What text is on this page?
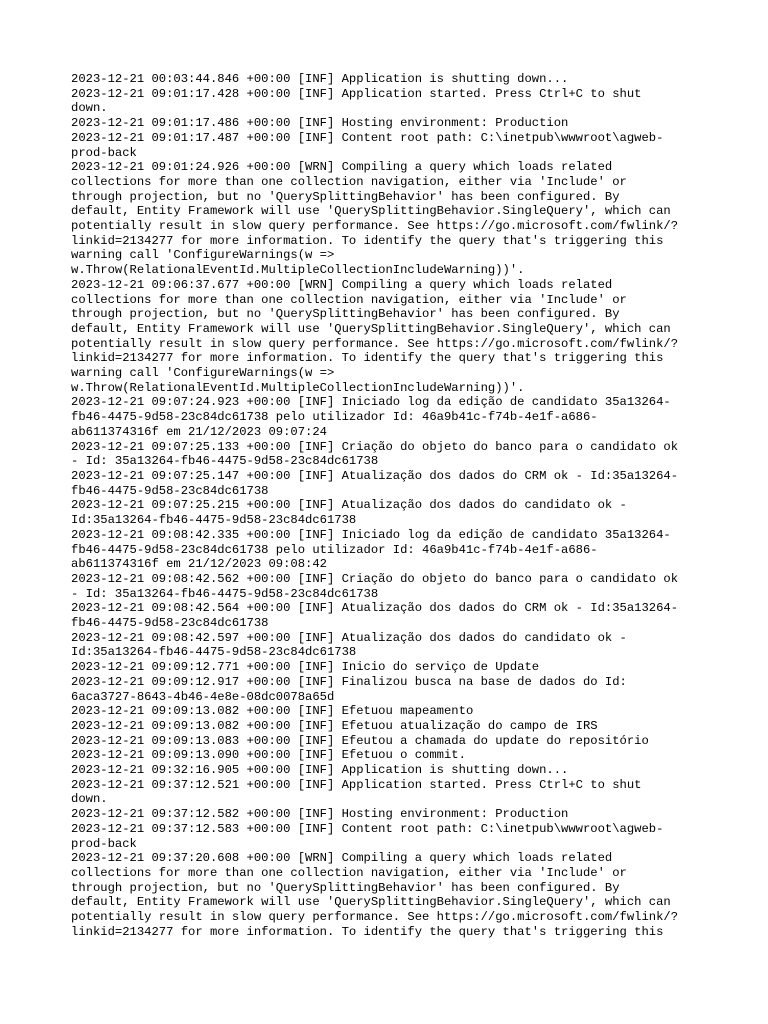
2023-12-21 00:03:44.846 +00:00 [INF] Application is shutting down...
2023-12-21 09:01:17.428 +00:00 [INF] Application started. Press Ctrl+C to shut
down.
2023-12-21 09:01:17.486 +00:00 [INF] Hosting environment: Production
2023-12-21 09:01:17.487 +00:00 [INF] Content root path: C:\inetpub\wwwroot\agweb-
prod-back
2023-12-21 09:01:24.926 +00:00 [WRN] Compiling a query which loads related
collections for more than one collection navigation, either via 'Include' or
through projection, but no 'QuerySplittingBehavior' has been configured. By
default, Entity Framework will use 'QuerySplittingBehavior.SingleQuery', which can
potentially result in slow query performance. See https://go.microsoft.com/fwlink/?
linkid=2134277 for more information. To identify the query that's triggering this
warning call 'ConfigureWarnings(w =>
w.Throw(RelationalEventId.MultipleCollectionIncludeWarning))'.
2023-12-21 09:06:37.677 +00:00 [WRN] Compiling a query which loads related
collections for more than one collection navigation, either via 'Include' or
through projection, but no 'QuerySplittingBehavior' has been configured. By
default, Entity Framework will use 'QuerySplittingBehavior.SingleQuery', which can
potentially result in slow query performance. See https://go.microsoft.com/fwlink/?
linkid=2134277 for more information. To identify the query that's triggering this
warning call 'ConfigureWarnings(w =>
w.Throw(RelationalEventId.MultipleCollectionIncludeWarning))'.
2023-12-21 09:07:24.923 +00:00 [INF] Iniciado log da edição de candidato 35a13264-
fb46-4475-9d58-23c84dc61738 pelo utilizador Id: 46a9b41c-f74b-4e1f-a686-
ab611374316f em 21/12/2023 09:07:24
2023-12-21 09:07:25.133 +00:00 [INF] Criação do objeto do banco para o candidato ok
- Id: 35a13264-fb46-4475-9d58-23c84dc61738
2023-12-21 09:07:25.147 +00:00 [INF] Atualização dos dados do CRM ok - Id:35a13264-
fb46-4475-9d58-23c84dc61738
2023-12-21 09:07:25.215 +00:00 [INF] Atualização dos dados do candidato ok -
Id:35a13264-fb46-4475-9d58-23c84dc61738
2023-12-21 09:08:42.335 +00:00 [INF] Iniciado log da edição de candidato 35a13264-
fb46-4475-9d58-23c84dc61738 pelo utilizador Id: 46a9b41c-f74b-4e1f-a686-
ab611374316f em 21/12/2023 09:08:42
2023-12-21 09:08:42.562 +00:00 [INF] Criação do objeto do banco para o candidato ok
- Id: 35a13264-fb46-4475-9d58-23c84dc61738
2023-12-21 09:08:42.564 +00:00 [INF] Atualização dos dados do CRM ok - Id:35a13264-
fb46-4475-9d58-23c84dc61738
2023-12-21 09:08:42.597 +00:00 [INF] Atualização dos dados do candidato ok -
Id:35a13264-fb46-4475-9d58-23c84dc61738
2023-12-21 09:09:12.771 +00:00 [INF] Inicio do serviço de Update
2023-12-21 09:09:12.917 +00:00 [INF] Finalizou busca na base de dados do Id:
6aca3727-8643-4b46-4e8e-08dc0078a65d
2023-12-21 09:09:13.082 +00:00 [INF] Efetuou mapeamento
2023-12-21 09:09:13.082 +00:00 [INF] Efetuou atualização do campo de IRS
2023-12-21 09:09:13.083 +00:00 [INF] Efeutou a chamada do update do repositório
2023-12-21 09:09:13.090 +00:00 [INF] Efetuou o commit.
2023-12-21 09:32:16.905 +00:00 [INF] Application is shutting down...
2023-12-21 09:37:12.521 +00:00 [INF] Application started. Press Ctrl+C to shut
down.
2023-12-21 09:37:12.582 +00:00 [INF] Hosting environment: Production
2023-12-21 09:37:12.583 +00:00 [INF] Content root path: C:\inetpub\wwwroot\agweb-
prod-back
2023-12-21 09:37:20.608 +00:00 [WRN] Compiling a query which loads related
collections for more than one collection navigation, either via 'Include' or
through projection, but no 'QuerySplittingBehavior' has been configured. By
default, Entity Framework will use 'QuerySplittingBehavior.SingleQuery', which can
potentially result in slow query performance. See https://go.microsoft.com/fwlink/?
linkid=2134277 for more information. To identify the query that's triggering this
